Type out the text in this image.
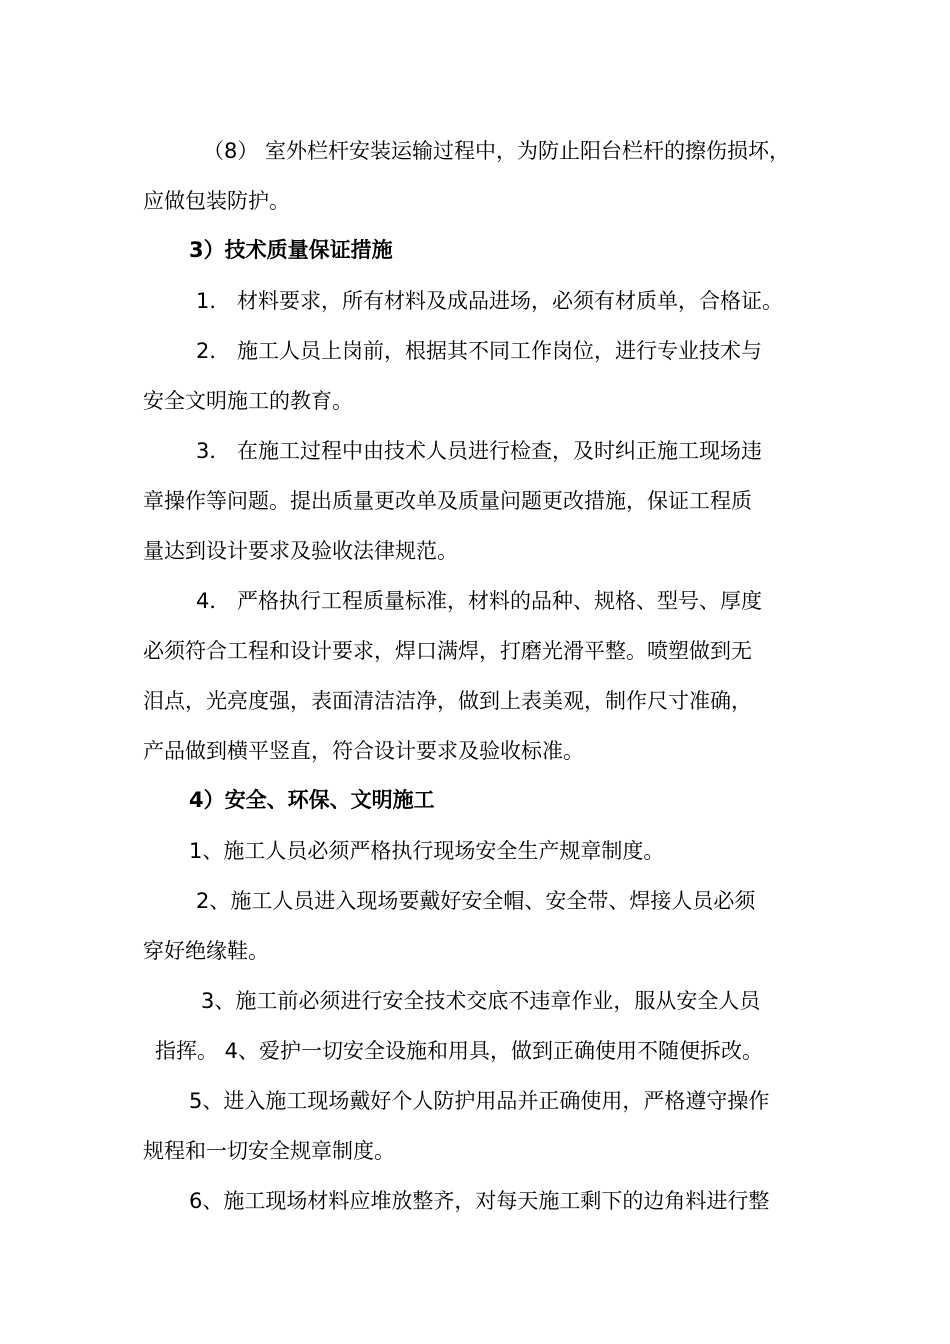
（8） 室外栏杆安装运输过程中，为防止阳台栏杆的擦伤损坏，
应做包装防护。
3）技术质量保证措施
1． 材料要求，所有材料及成品进场，必须有材质单，合格证。
2． 施工人员上岗前，根据其不同工作岗位，进行专业技术与
安全文明施工的教育。
3． 在施工过程中由技术人员进行检查，及时纠正施工现场违
章操作等问题。提出质量更改单及质量问题更改措施，保证工程质
量达到设计要求及验收法律规范。
4． 严格执行工程质量标准，材料的品种、规格、型号、厚度
必须符合工程和设计要求，焊口满焊，打磨光滑平整。喷塑做到无
泪点，光亮度强，表面清洁洁净，做到上表美观，制作尺寸准确，
产品做到横平竖直，符合设计要求及验收标准。
4）安全、环保、文明施工
1、施工人员必须严格执行现场安全生产规章制度。
2、施工人员进入现场要戴好安全帽、安全带、焊接人员必须
穿好绝缘鞋。
3、施工前必须进行安全技术交底不违章作业，服从安全人员
指挥。 4、爱护一切安全设施和用具，做到正确使用不随便拆改。
5、进入施工现场戴好个人防护用品并正确使用，严格遵守操作
规程和一切安全规章制度。
6、施工现场材料应堆放整齐，对每天施工剩下的边角料进行整
